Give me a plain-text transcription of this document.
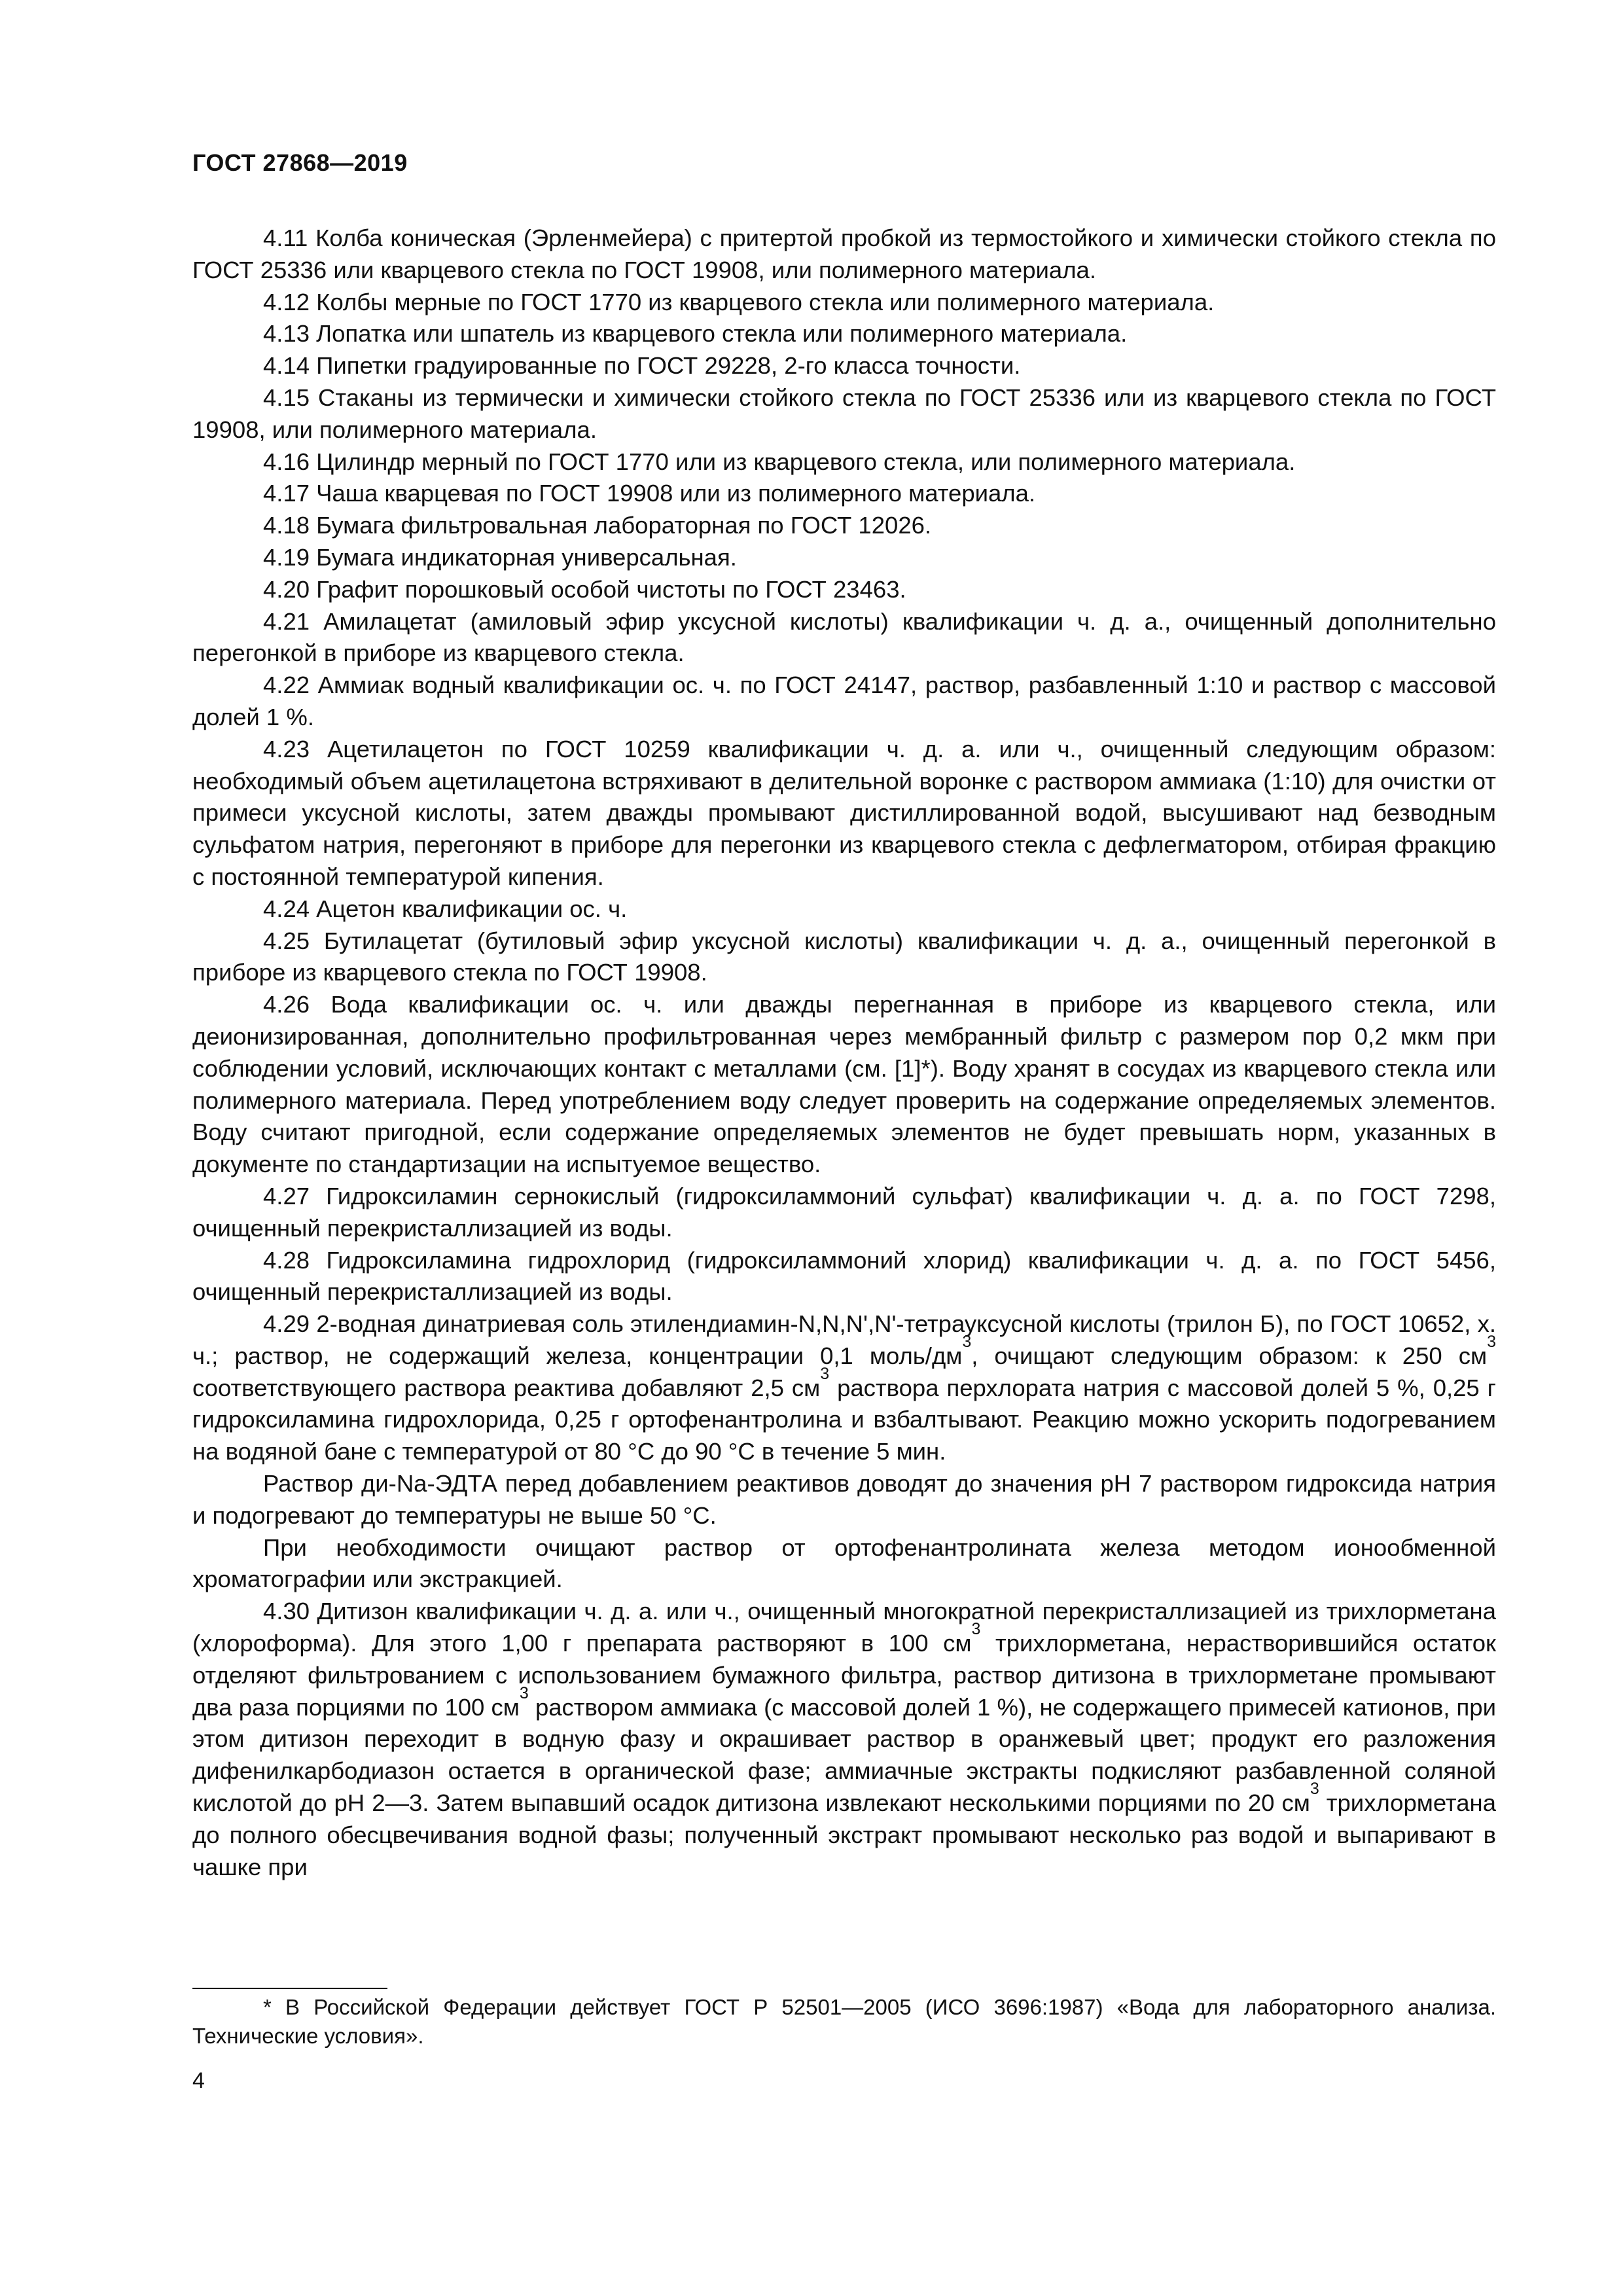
ГОСТ 27868—2019

4.11 Колба коническая (Эрленмейера) с притертой пробкой из термостойкого и химически стойкого стекла по ГОСТ 25336 или кварцевого стекла по ГОСТ 19908, или полимерного материала.

4.12 Колбы мерные по ГОСТ 1770 из кварцевого стекла или полимерного материала.

4.13 Лопатка или шпатель из кварцевого стекла или полимерного материала.

4.14 Пипетки градуированные по ГОСТ 29228, 2-го класса точности.

4.15 Стаканы из термически и химически стойкого стекла по ГОСТ 25336 или из кварцевого стекла по ГОСТ 19908, или полимерного материала.

4.16 Цилиндр мерный по ГОСТ 1770 или из кварцевого стекла, или полимерного материала.

4.17 Чаша кварцевая по ГОСТ 19908 или из полимерного материала.

4.18 Бумага фильтровальная лабораторная по ГОСТ 12026.

4.19 Бумага индикаторная универсальная.

4.20 Графит порошковый особой чистоты по ГОСТ 23463.

4.21 Амилацетат (амиловый эфир уксусной кислоты) квалификации ч. д. а., очищенный дополнительно перегонкой в приборе из кварцевого стекла.

4.22 Аммиак водный квалификации ос. ч. по ГОСТ 24147, раствор, разбавленный 1:10 и раствор с массовой долей 1 %.

4.23 Ацетилацетон по ГОСТ 10259 квалификации ч. д. а. или ч., очищенный следующим образом: необходимый объем ацетилацетона встряхивают в делительной воронке с раствором аммиака (1:10) для очистки от примеси уксусной кислоты, затем дважды промывают дистиллированной водой, высушивают над безводным сульфатом натрия, перегоняют в приборе для перегонки из кварцевого стекла с дефлегматором, отбирая фракцию с постоянной температурой кипения.

4.24 Ацетон квалификации ос. ч.

4.25 Бутилацетат (бутиловый эфир уксусной кислоты) квалификации ч. д. а., очищенный перегонкой в приборе из кварцевого стекла по ГОСТ 19908.

4.26 Вода квалификации ос. ч. или дважды перегнанная в приборе из кварцевого стекла, или деионизированная, дополнительно профильтрованная через мембранный фильтр с размером пор 0,2 мкм при соблюдении условий, исключающих контакт с металлами (см. [1]*). Воду хранят в сосудах из кварцевого стекла или полимерного материала. Перед употреблением воду следует проверить на содержание определяемых элементов. Воду считают пригодной, если содержание определяемых элементов не будет превышать норм, указанных в документе по стандартизации на испытуемое вещество.

4.27 Гидроксиламин сернокислый (гидроксиламмоний сульфат) квалификации ч. д. а. по ГОСТ 7298, очищенный перекристаллизацией из воды.

4.28 Гидроксиламина гидрохлорид (гидроксиламмоний хлорид) квалификации ч. д. а. по ГОСТ 5456, очищенный перекристаллизацией из воды.

4.29 2-водная динатриевая соль этилендиамин-N,N,N',N'-тетрауксусной кислоты (трилон Б), по ГОСТ 10652, х. ч.; раствор, не содержащий железа, концентрации 0,1 моль/$дм^3$, очищают следующим образом: к 250 $см^3$ соответствующего раствора реактива добавляют 2,5 $см^3$ раствора перхлората натрия с массовой долей 5 %, 0,25 г гидроксиламина гидрохлорида, 0,25 г ортофенантролина и взбалтывают. Реакцию можно ускорить подогреванием на водяной бане с температурой от 80 °С до 90 °С в течение 5 мин.

Раствор ди-Na-ЭДТА перед добавлением реактивов доводят до значения pH 7 раствором гидроксида натрия и подогревают до температуры не выше 50 °С.

При необходимости очищают раствор от ортофенантролината железа методом ионообменной хроматографии или экстракцией.

4.30 Дитизон квалификации ч. д. а. или ч., очищенный многократной перекристаллизацией из трихлорметана (хлороформа). Для этого 1,00 г препарата растворяют в 100 $см^3$ трихлорметана, нерастворившийся остаток отделяют фильтрованием с использованием бумажного фильтра, раствор дитизона в трихлорметане промывают два раза порциями по 100 $см^3$ раствором аммиака (с массовой долей 1 %), не содержащего примесей катионов, при этом дитизон переходит в водную фазу и окрашивает раствор в оранжевый цвет; продукт его разложения дифенилкарбодиазон остается в органической фазе; аммиачные экстракты подкисляют разбавленной соляной кислотой до pH 2—3. Затем выпавший осадок дитизона извлекают несколькими порциями по 20 $см^3$ трихлорметана до полного обесцвечивания водной фазы; полученный экстракт промывают несколько раз водой и выпаривают в чашке при

* В Российской Федерации действует ГОСТ Р 52501—2005 (ИСО 3696:1987) «Вода для лабораторного анализа. Технические условия».
4
